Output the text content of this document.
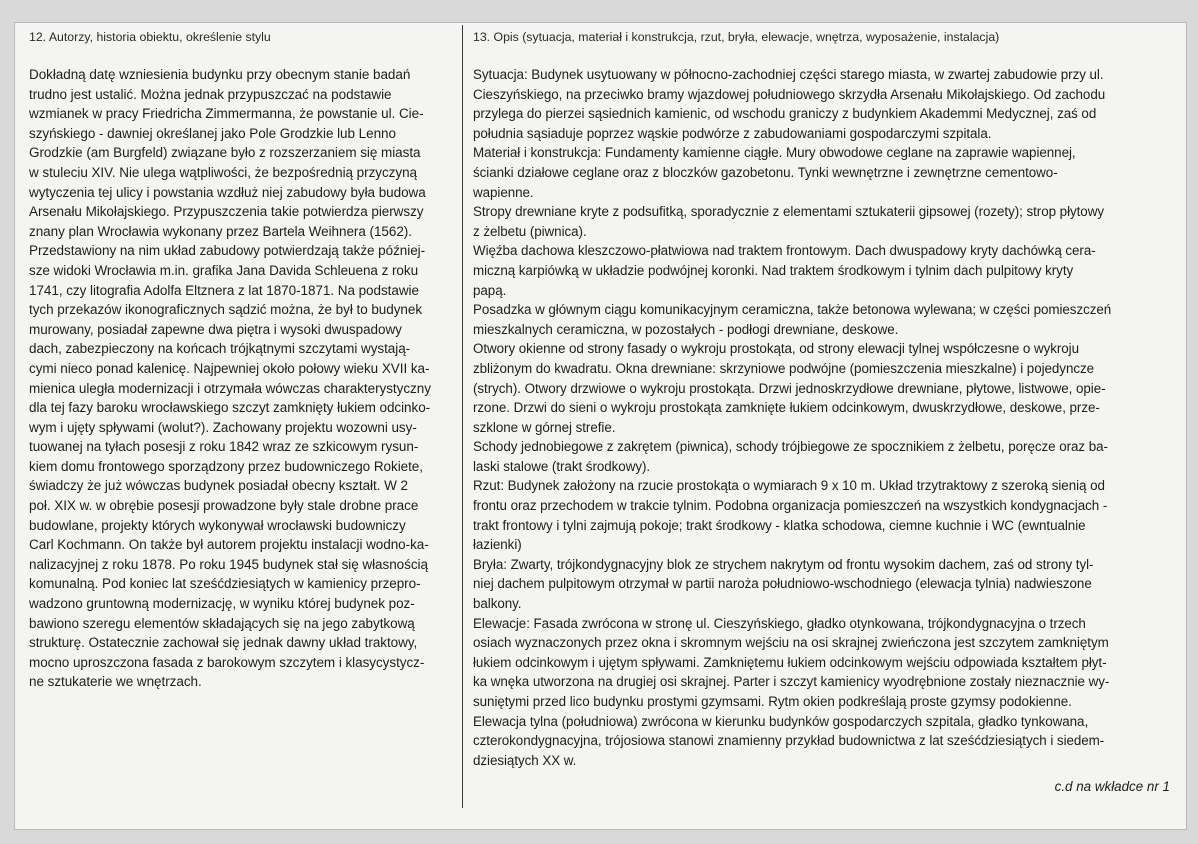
12. Autorzy, historia obiektu, określenie stylu
Dokładną datę wzniesienia budynku przy obecnym stanie badań
trudno jest ustalić. Można jednak przypuszczać na podstawie
wzmianek w pracy Friedricha Zimmermanna, że powstanie ul. Cie-
szyńskiego - dawniej określanej jako Pole Grodzkie lub Lenno
Grodzkie (am Burgfeld) związane było z rozszerzaniem się miasta
w stuleciu XIV. Nie ulega wątpliwości, że bezpośrednią przyczyną
wytyczenia tej ulicy i powstania wzdłuż niej zabudowy była budowa
Arsenału Mikołajskiego. Przypuszczenia takie potwierdza pierwszy
znany plan Wrocławia wykonany przez Bartela Weihnera (1562).
Przedstawiony na nim układ zabudowy potwierdzają także później-
sze widoki Wrocławia m.in. grafika Jana Davida Schleuena z roku
1741, czy litografia Adolfa Eltznera z lat 1870-1871. Na podstawie
tych przekazów ikonograficznych sądzić można, że był to budynek
murowany, posiadał zapewne dwa piętra i wysoki dwuspadowy
dach, zabezpieczony na końcach trójkątnymi szczytami wystają-
cymi nieco ponad kalenicę. Najpewniej około połowy wieku XVII ka-
mienica uległa modernizacji i otrzymała wówczas charakterystyczny
dla tej fazy baroku wrocławskiego szczyt zamknięty łukiem odcinko-
wym i ujęty spływami (wolut?). Zachowany projektu wozowni usy-
tuowanej na tyłach posesji z roku 1842 wraz ze szkicowym rysun-
kiem domu frontowego sporządzony przez budowniczego Rokiete,
świadczy że już wówczas budynek posiadał obecny kształt. W 2
poł. XIX w. w obrębie posesji prowadzone były stale drobne prace
budowlane, projekty których wykonywał wrocławski budowniczy
Carl Kochmann. On także był autorem projektu instalacji wodno-ka-
nalizacyjnej z roku 1878. Po roku 1945 budynek stał się własnością
komunalną. Pod koniec lat sześćdziesiątych w kamienicy przepro-
wadzono gruntowną modernizację, w wyniku której budynek poz-
bawiono szeregu elementów składających się na jego zabytkową
strukturę. Ostatecznie zachował się jednak dawny układ traktowy,
mocno uproszczona fasada z barokowym szczytem i klasycystycz-
ne sztukaterie we wnętrzach.
13. Opis (sytuacja, materiał i konstrukcja, rzut, bryła, elewacje, wnętrza, wyposażenie, instalacja)
Sytuacja: Budynek usytuowany w północno-zachodniej części starego miasta, w zwartej zabudowie przy ul.
Cieszyńskiego, na przeciwko bramy wjazdowej południowego skrzydła Arsenału Mikołajskiego. Od zachodu
przylega do pierzei sąsiednich kamienic, od wschodu graniczy z budynkiem Akademmi Medycznej, zaś od
południa sąsiaduje poprzez wąskie podwórze z zabudowaniami gospodarczymi szpitala.
Materiał i konstrukcja: Fundamenty kamienne ciągłe. Mury obwodowe ceglane na zaprawie wapiennej,
ścianki działowe ceglane oraz z bloczków gazobetonu. Tynki wewnętrzne i zewnętrzne cementowo-
wapienne.
Stropy drewniane kryte z podsufitką, sporadycznie z elementami sztukaterii gipsowej (rozety); strop płytowy
z żelbetu (piwnica).
Więźba dachowa kleszczowo-płatwiowa nad traktem frontowym. Dach dwuspadowy kryty dachówką cera-
miczną karpiówką w układzie podwójnej koronki. Nad traktem środkowym i tylnim dach pulpitowy kryty
papą.
Posadzka w głównym ciągu komunikacyjnym ceramiczna, także betonowa wylewana; w części pomieszczeń
mieszkalnych ceramiczna, w pozostałych - podłogi drewniane, deskowe.
Otwory okienne od strony fasady o wykroju prostokąta, od strony elewacji tylnej współczesne o wykroju
zbliżonym do kwadratu. Okna drewniane: skrzyniowe podwójne (pomieszczenia mieszkalne) i pojedyncze
(strych). Otwory drzwiowe o wykroju prostokąta. Drzwi jednoskrzydłowe drewniane, płytowe, listwowe, opie-
rzone. Drzwi do sieni o wykroju prostokąta zamknięte łukiem odcinkowym, dwuskrzydłowe, deskowe, prze-
szklone w górnej strefie.
Schody jednobiegowe z zakrętem (piwnica), schody trójbiegowe ze spocznikiem z żelbetu, poręcze oraz ba-
laski stalowe (trakt środkowy).
Rzut: Budynek założony na rzucie prostokąta o wymiarach 9 x 10 m. Układ trzytraktowy z szeroką sienią od
frontu oraz przechodem w trakcie tylnim. Podobna organizacja pomieszczeń na wszystkich kondygnacjach -
trakt frontowy i tylni zajmują pokoje; trakt środkowy - klatka schodowa, ciemne kuchnie i WC (ewntualnie
łazienki)
Bryła: Zwarty, trójkondygnacyjny blok ze strychem nakrytym od frontu wysokim dachem, zaś od strony tyl-
niej dachem pulpitowym otrzymał w partii naroża południowo-wschodniego (elewacja tylnia) nadwieszone
balkony.
Elewacje: Fasada zwrócona w stronę ul. Cieszyńskiego, gładko otynkowana, trójkondygnacyjna o trzech
osiach wyznaczonych przez okna i skromnym wejściu na osi skrajnej zwieńczona jest szczytem zamkniętym
łukiem odcinkowym i ujętym spływami. Zamkniętemu łukiem odcinkowym wejściu odpowiada kształtem płyt-
ka wnęka utworzona na drugiej osi skrajnej. Parter i szczyt kamienicy wyodrębnione zostały nieznacznie wy-
suniętymi przed lico budynku prostymi gzymsami. Rytm okien podkreślają proste gzymsy podokienne.
Elewacja tylna (południowa) zwrócona w kierunku budynków gospodarczych szpitala, gładko tynkowana,
czterokondygnacyjna, trójosiowa stanowi znamienny przykład budownictwa z lat sześćdziesiątych i siedem-
dziesiątych XX w.
c.d na wkładce nr 1
